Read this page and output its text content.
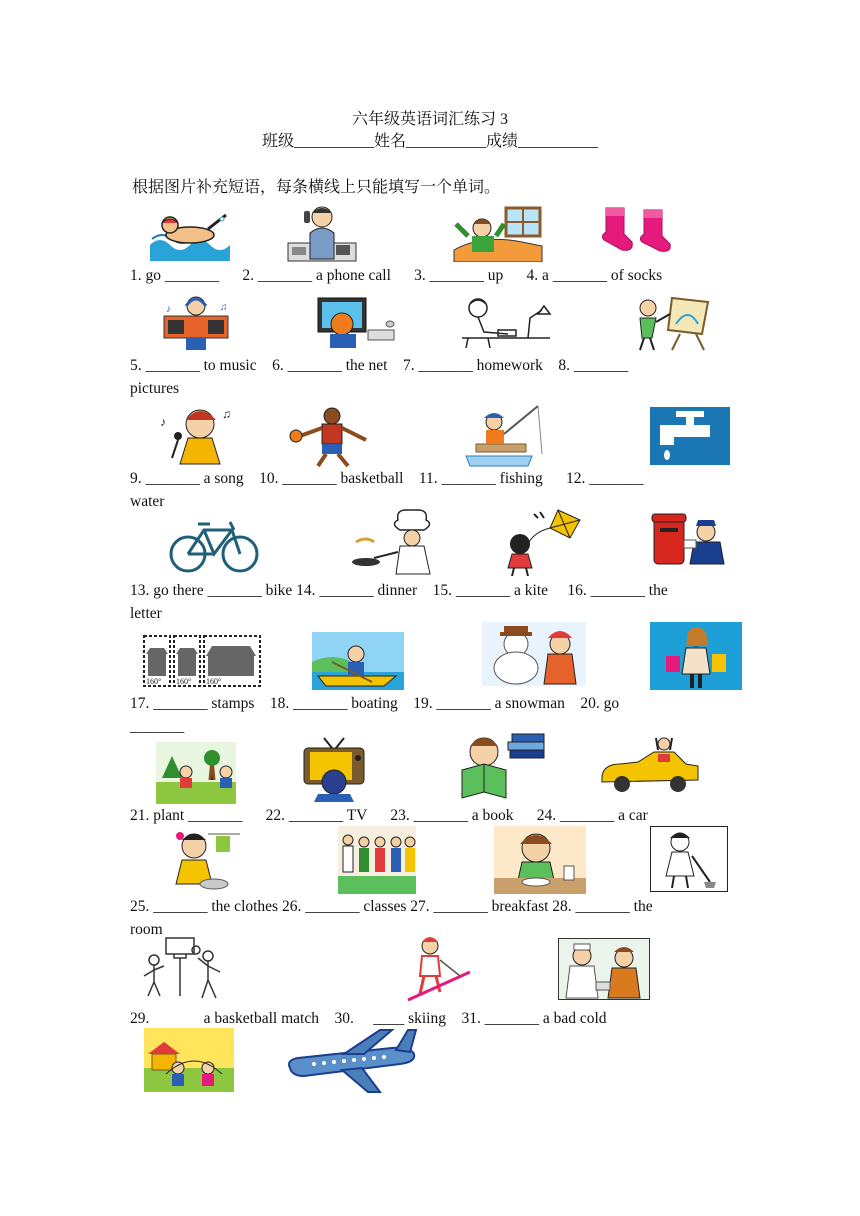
六年级英语词汇练习 3
班级__________姓名__________成绩__________
根据图片补充短语，每条横线上只能填写一个单词。
1. go _______      2. _______ a phone call      3. _______ up      4. a _______ of socks
5. _______ to music    6. _______ the net    7. _______ homework    8. _______
pictures
9. _______ a song    10. _______ basketball    11. _______ fishing      12. _______
water
13. go there _______ bike 14. _______ dinner    15. _______ a kite     16. _______ the
letter
17. _______ stamps    18. _______ boating    19. _______ a snowman    20. go
_______
21. plant _______      22. _______ TV      23. _______ a book      24. _______ a car
25. _______ the clothes 26. _______ classes 27. _______ breakfast 28. _______ the
room
29.              a basketball match    30.     ____ skiing    31. _______ a bad cold
♪	♫
♪
♫
160° 160° 160°
